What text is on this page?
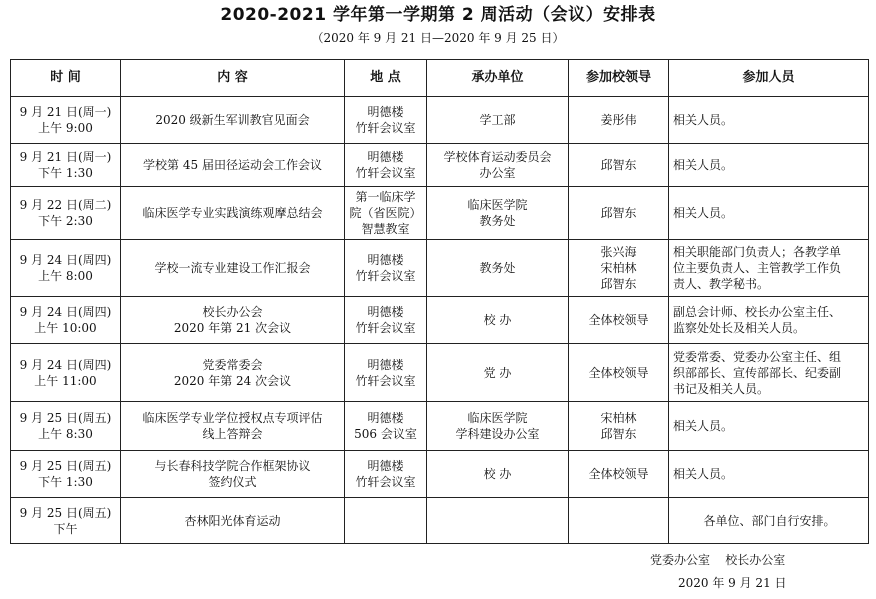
2020-2021 学年第一学期第 2 周活动（会议）安排表
（2020 年 9 月 21 日—2020 年 9 月 25 日）
时 间	内 容	地 点	承办单位	参加校领导	参加人员

9 月 21 日(周一)
上午 9:00	2020 级新生军训教官见面会	明德楼
竹轩会议室	学工部	姜彤伟	相关人员。

9 月 21 日(周一)
下午 1:30	学校第 45 届田径运动会工作会议	明德楼
竹轩会议室	学校体育运动委员会
办公室	邱智东	相关人员。

9 月 22 日(周二)
下午 2:30	临床医学专业实践演练观摩总结会	第一临床学
院（省医院）
智慧教室	临床医学院
教务处	邱智东	相关人员。

9 月 24 日(周四)
上午 8:00	学校一流专业建设工作汇报会	明德楼
竹轩会议室	教务处	张兴海
宋柏林
邱智东	相关职能部门负责人；各教学单
位主要负责人、主管教学工作负
责人、教学秘书。

9 月 24 日(周四)
上午 10:00	校长办公会
2020 年第 21 次会议	明德楼
竹轩会议室	校 办	全体校领导	副总会计师、校长办公室主任、
监察处处长及相关人员。

9 月 24 日(周四)
上午 11:00	党委常委会
2020 年第 24 次会议	明德楼
竹轩会议室	党 办	全体校领导	党委常委、党委办公室主任、组
织部部长、宣传部部长、纪委副
书记及相关人员。

9 月 25 日(周五)
上午 8:30	临床医学专业学位授权点专项评估
线上答辩会	明德楼
506 会议室	临床医学院
学科建设办公室	宋柏林
邱智东	相关人员。

9 月 25 日(周五)
下午 1:30	与长春科技学院合作框架协议
签约仪式	明德楼
竹轩会议室	校 办	全体校领导	相关人员。

9 月 25 日(周五)
下午	杏林阳光体育运动				各单位、部门自行安排。
党委办公室    校长办公室
2020 年 9 月 21 日
